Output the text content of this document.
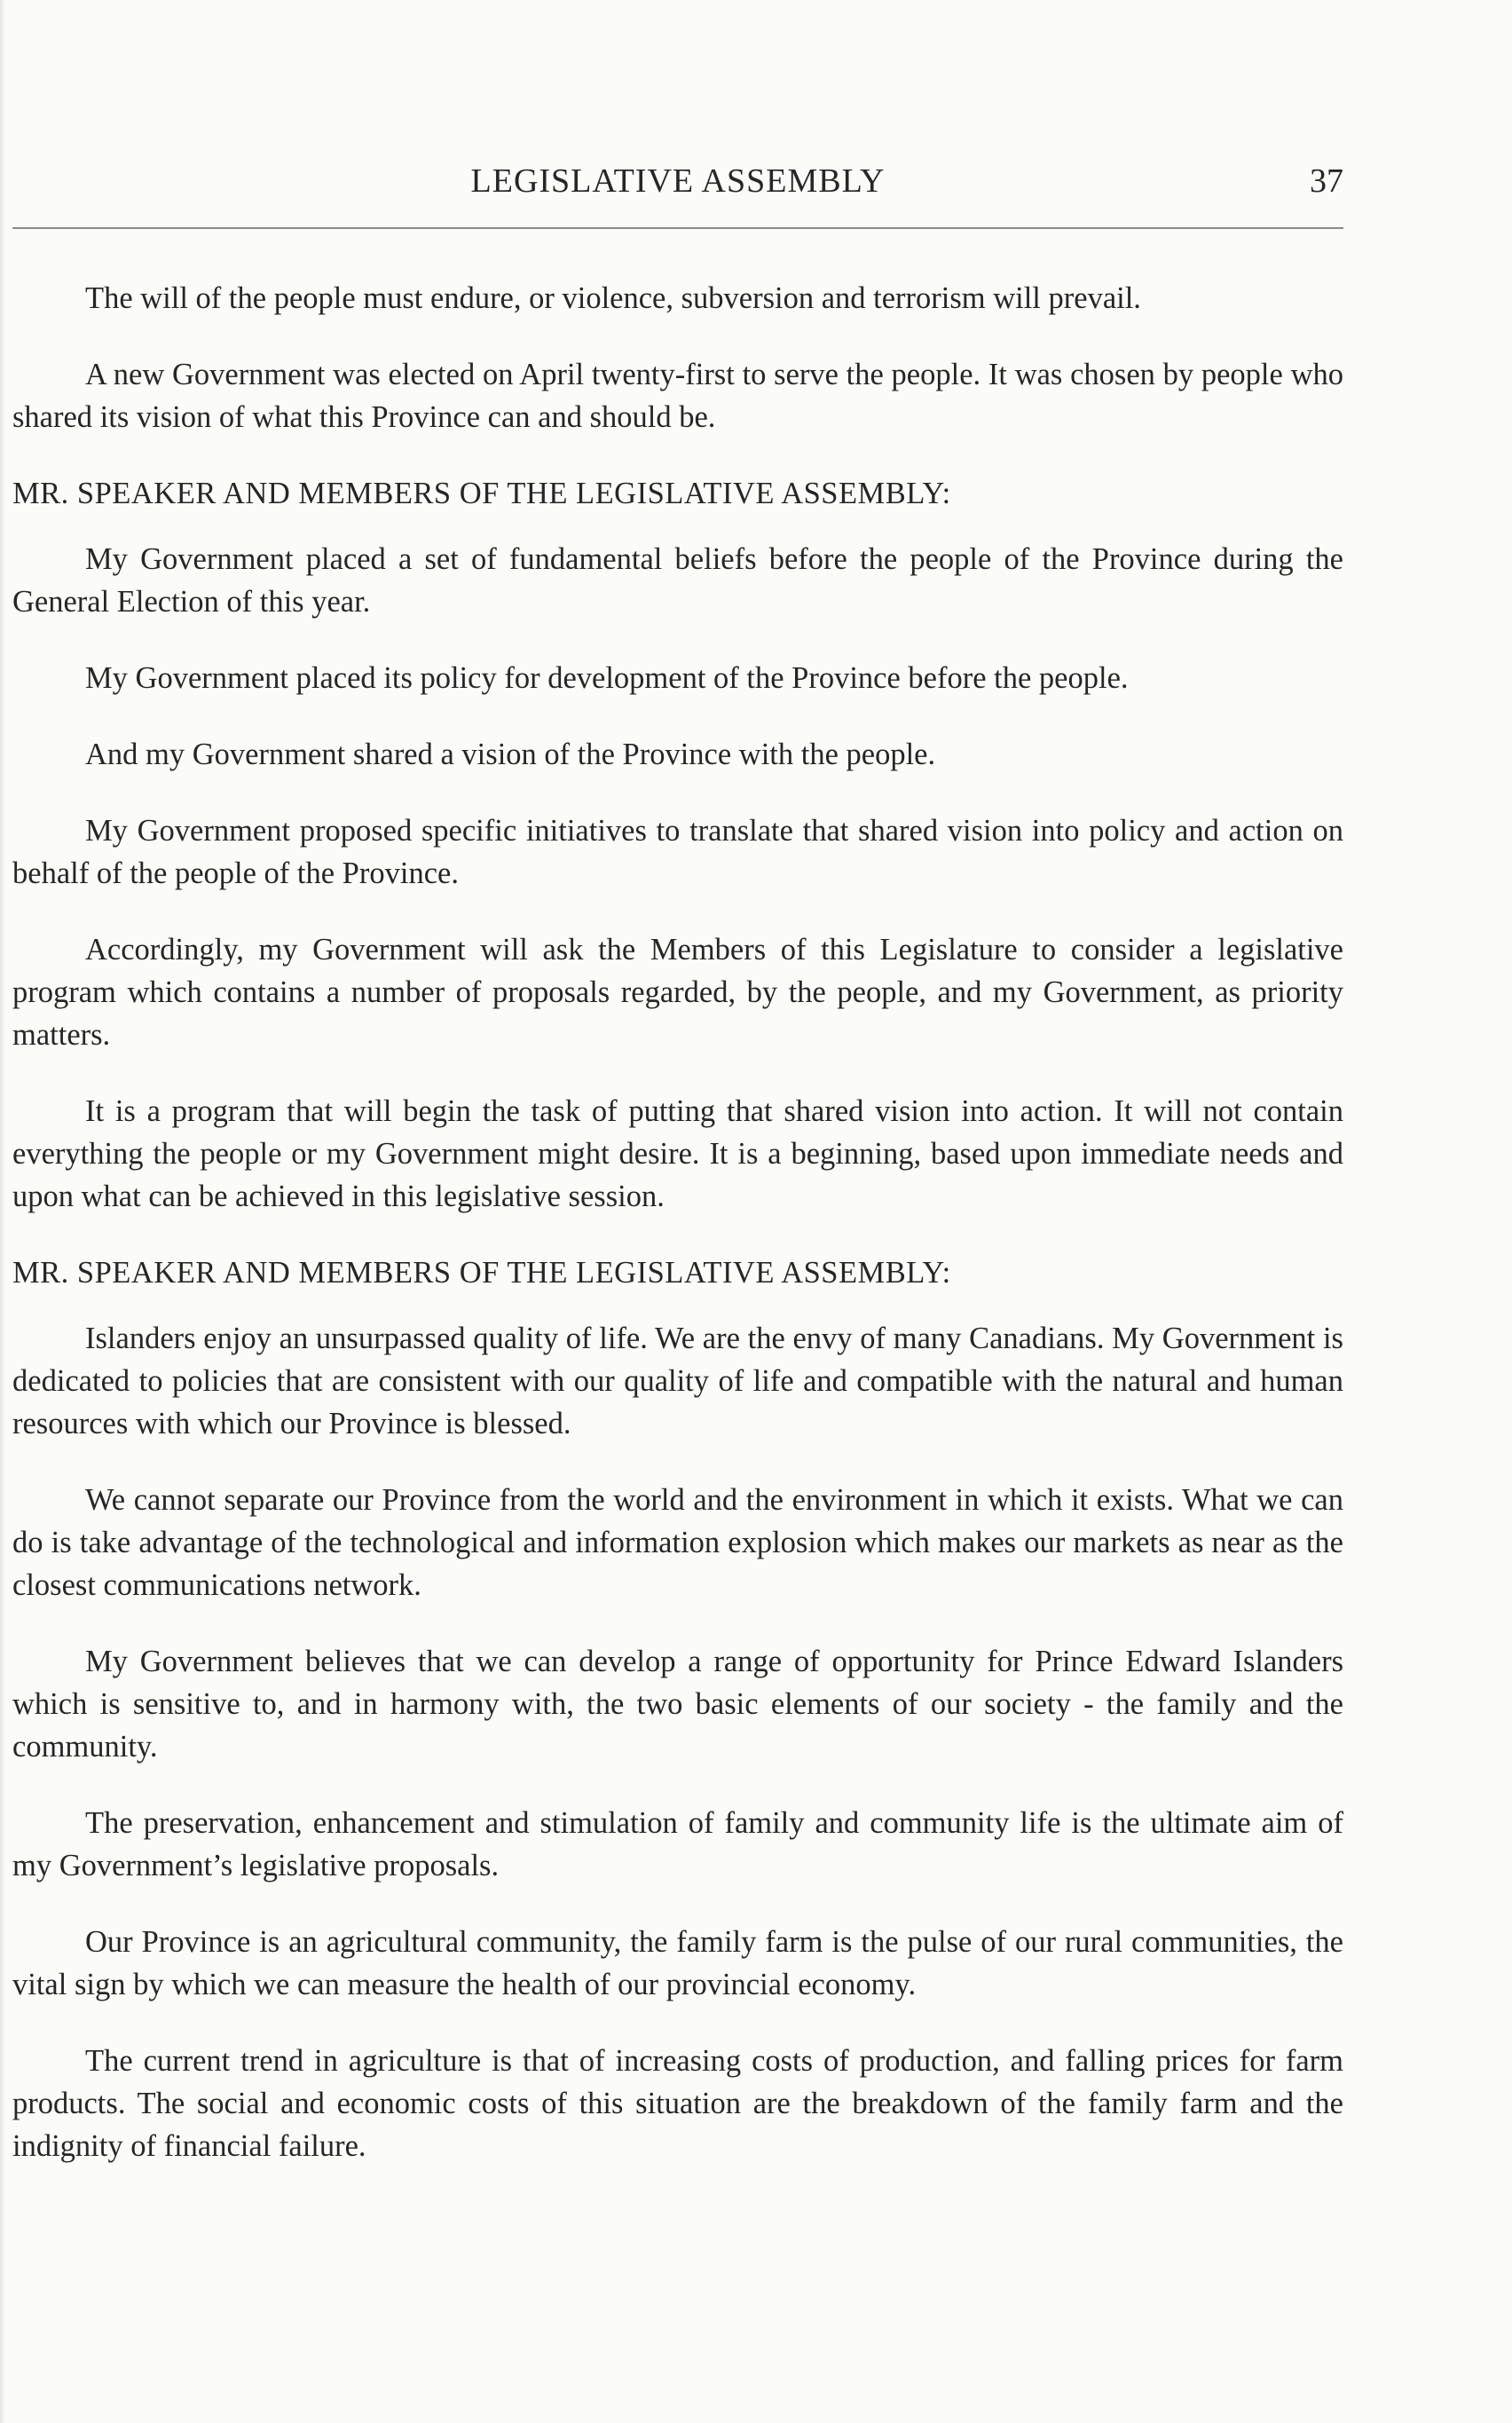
LEGISLATIVE ASSEMBLY	37

The will of the people must endure, or violence, subversion and terrorism will prevail.

A new Government was elected on April twenty-first to serve the people. It was chosen by people who shared its vision of what this Province can and should be.

MR. SPEAKER AND MEMBERS OF THE LEGISLATIVE ASSEMBLY:

My Government placed a set of fundamental beliefs before the people of the Province during the General Election of this year.

My Government placed its policy for development of the Province before the people.

And my Government shared a vision of the Province with the people.

My Government proposed specific initiatives to translate that shared vision into policy and action on behalf of the people of the Province.

Accordingly, my Government will ask the Members of this Legislature to consider a legislative program which contains a number of proposals regarded, by the people, and my Government, as priority matters.

It is a program that will begin the task of putting that shared vision into action. It will not contain everything the people or my Government might desire. It is a beginning, based upon immediate needs and upon what can be achieved in this legislative session.

MR. SPEAKER AND MEMBERS OF THE LEGISLATIVE ASSEMBLY:

Islanders enjoy an unsurpassed quality of life. We are the envy of many Canadians. My Government is dedicated to policies that are consistent with our quality of life and compatible with the natural and human resources with which our Province is blessed.

We cannot separate our Province from the world and the environment in which it exists. What we can do is take advantage of the technological and information explosion which makes our markets as near as the closest communications network.

My Government believes that we can develop a range of opportunity for Prince Edward Islanders which is sensitive to, and in harmony with, the two basic elements of our society - the family and the community.

The preservation, enhancement and stimulation of family and community life is the ultimate aim of my Government’s legislative proposals.

Our Province is an agricultural community, the family farm is the pulse of our rural communities, the vital sign by which we can measure the health of our provincial economy.

The current trend in agriculture is that of increasing costs of production, and falling prices for farm products. The social and economic costs of this situation are the breakdown of the family farm and the indignity of financial failure.
